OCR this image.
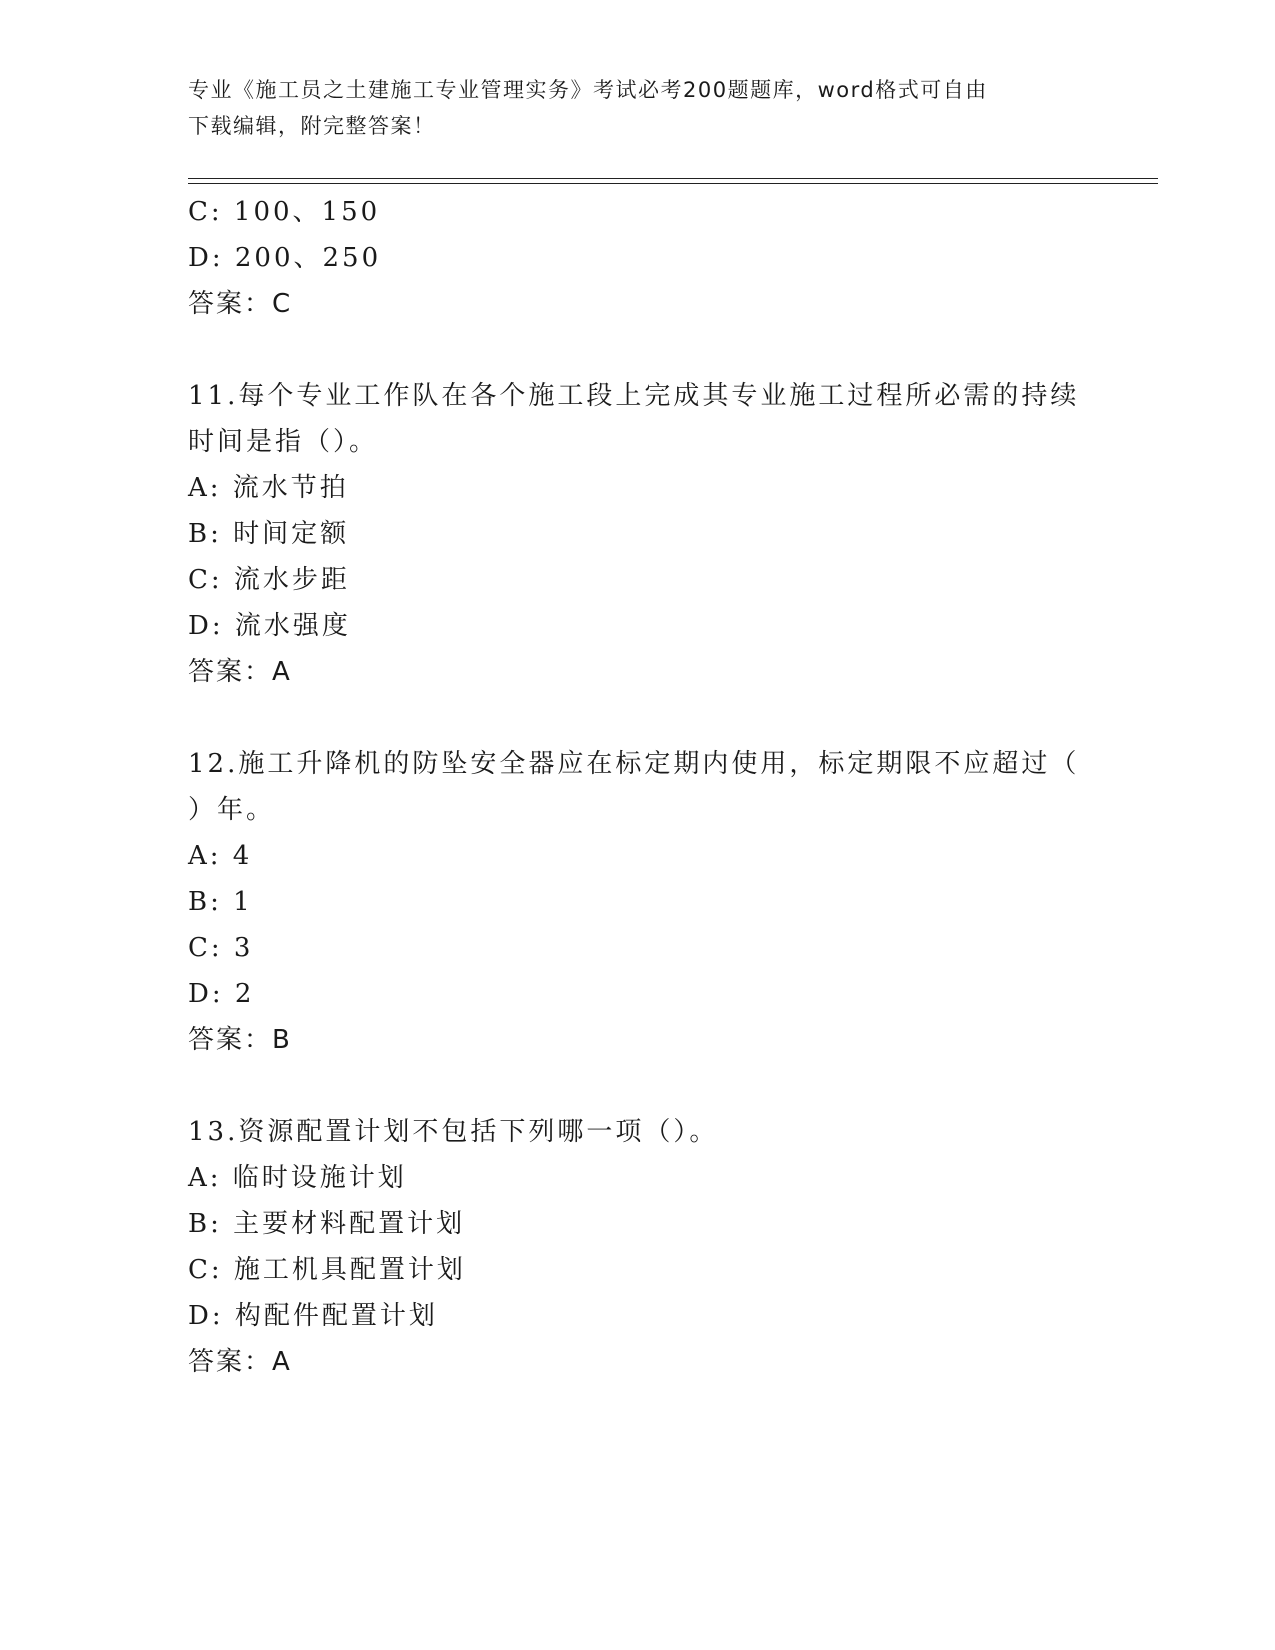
专业《施工员之土建施工专业管理实务》考试必考200题题库，word格式可自由
下载编辑，附完整答案！
C: 100、150
D: 200、250
答案：C
11.每个专业工作队在各个施工段上完成其专业施工过程所必需的持续
时间是指（）。
A: 流水节拍
B: 时间定额
C: 流水步距
D: 流水强度
答案：A
12.施工升降机的防坠安全器应在标定期内使用，标定期限不应超过（
）年。
A: 4
B: 1
C: 3
D: 2
答案：B
13.资源配置计划不包括下列哪一项（）。
A: 临时设施计划
B: 主要材料配置计划
C: 施工机具配置计划
D: 构配件配置计划
答案：A
